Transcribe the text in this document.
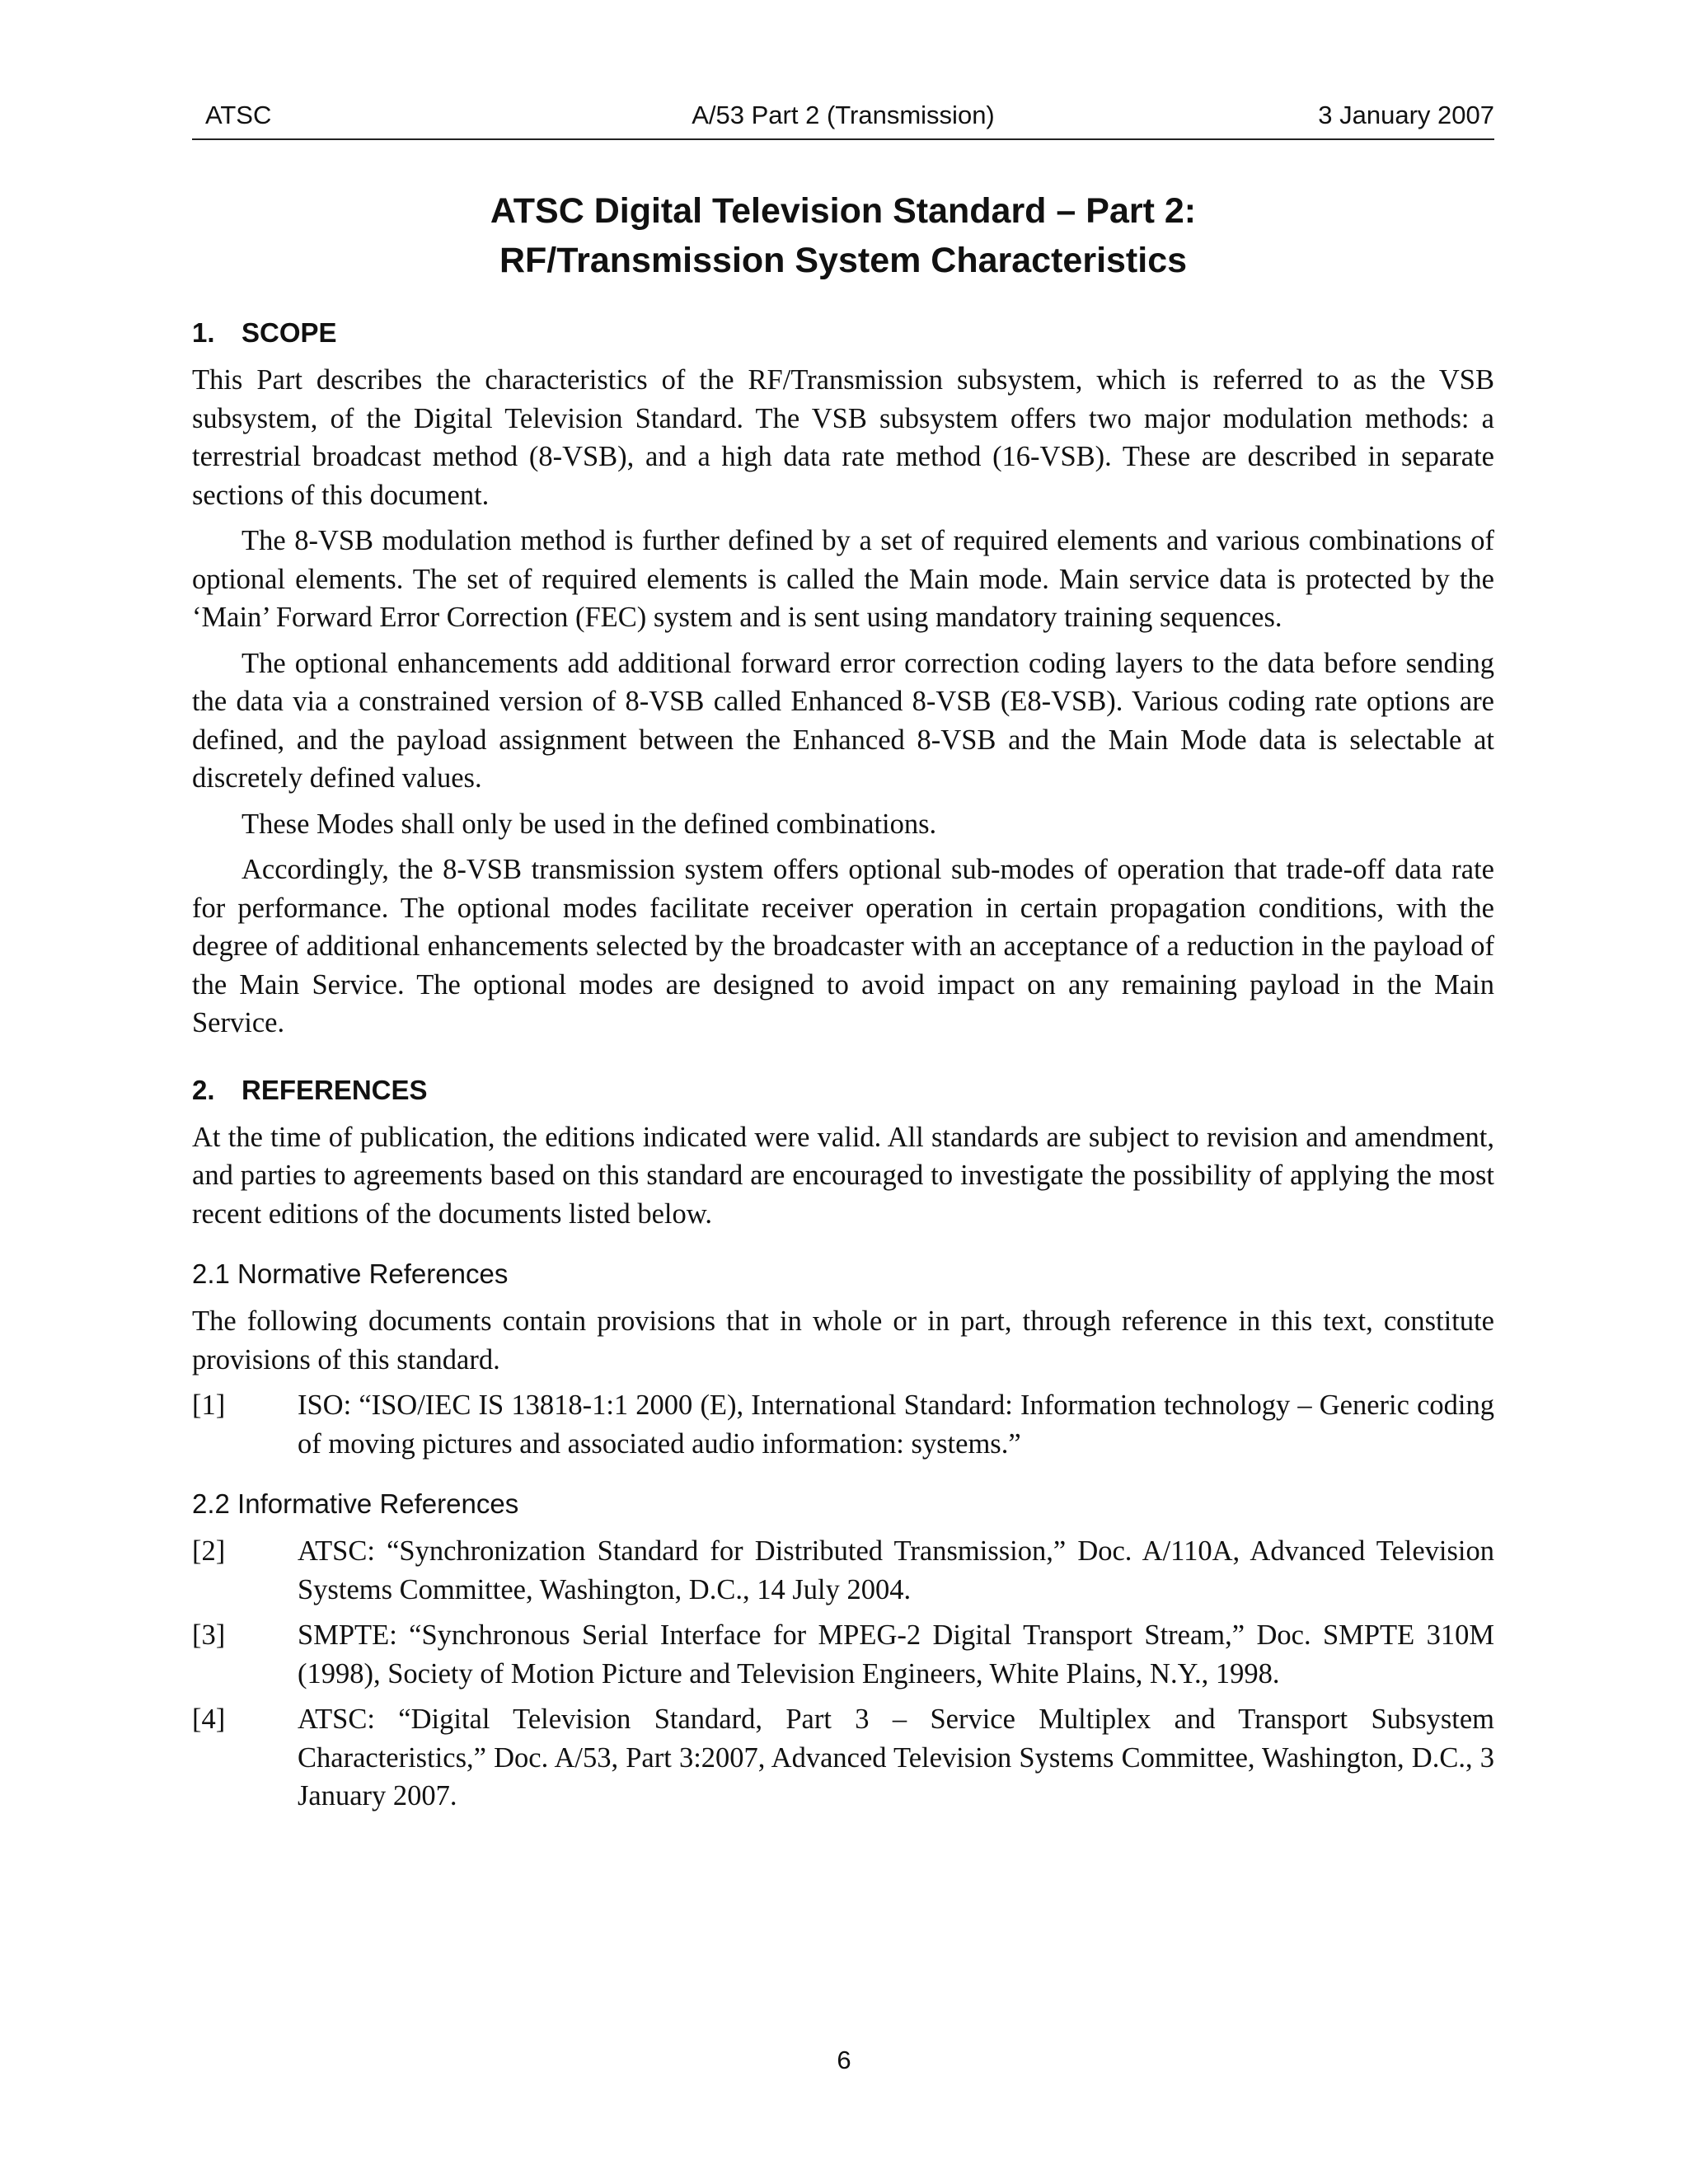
ATSC	A/53 Part 2 (Transmission)	3 January 2007
ATSC Digital Television Standard – Part 2:
RF/Transmission System Characteristics
1. SCOPE

This Part describes the characteristics of the RF/Transmission subsystem, which is referred to as the VSB subsystem, of the Digital Television Standard. The VSB subsystem offers two major modulation methods: a terrestrial broadcast method (8-VSB), and a high data rate method (16-VSB). These are described in separate sections of this document.

The 8-VSB modulation method is further defined by a set of required elements and various combinations of optional elements. The set of required elements is called the Main mode. Main service data is protected by the ‘Main’ Forward Error Correction (FEC) system and is sent using mandatory training sequences.

The optional enhancements add additional forward error correction coding layers to the data before sending the data via a constrained version of 8-VSB called Enhanced 8-VSB (E8-VSB). Various coding rate options are defined, and the payload assignment between the Enhanced 8-VSB and the Main Mode data is selectable at discretely defined values.

These Modes shall only be used in the defined combinations.

Accordingly, the 8-VSB transmission system offers optional sub-modes of operation that trade-off data rate for performance. The optional modes facilitate receiver operation in certain propagation conditions, with the degree of additional enhancements selected by the broadcaster with an acceptance of a reduction in the payload of the Main Service. The optional modes are designed to avoid impact on any remaining payload in the Main Service.

2. REFERENCES

At the time of publication, the editions indicated were valid. All standards are subject to revision and amendment, and parties to agreements based on this standard are encouraged to investigate the possibility of applying the most recent editions of the documents listed below.

2.1 Normative References

The following documents contain provisions that in whole or in part, through reference in this text, constitute provisions of this standard.

[1]	ISO: “ISO/IEC IS 13818-1:1 2000 (E), International Standard: Information technology – Generic coding of moving pictures and associated audio information: systems.”
2.2 Informative References
[2]	ATSC: “Synchronization Standard for Distributed Transmission,” Doc. A/110A, Advanced Television Systems Committee, Washington, D.C., 14 July 2004.
[3]	SMPTE: “Synchronous Serial Interface for MPEG-2 Digital Transport Stream,” Doc. SMPTE 310M (1998), Society of Motion Picture and Television Engineers, White Plains, N.Y., 1998.
[4]	ATSC: “Digital Television Standard, Part 3 – Service Multiplex and Transport Subsystem Characteristics,” Doc. A/53, Part 3:2007, Advanced Television Systems Committee, Washington, D.C., 3 January 2007.
6
